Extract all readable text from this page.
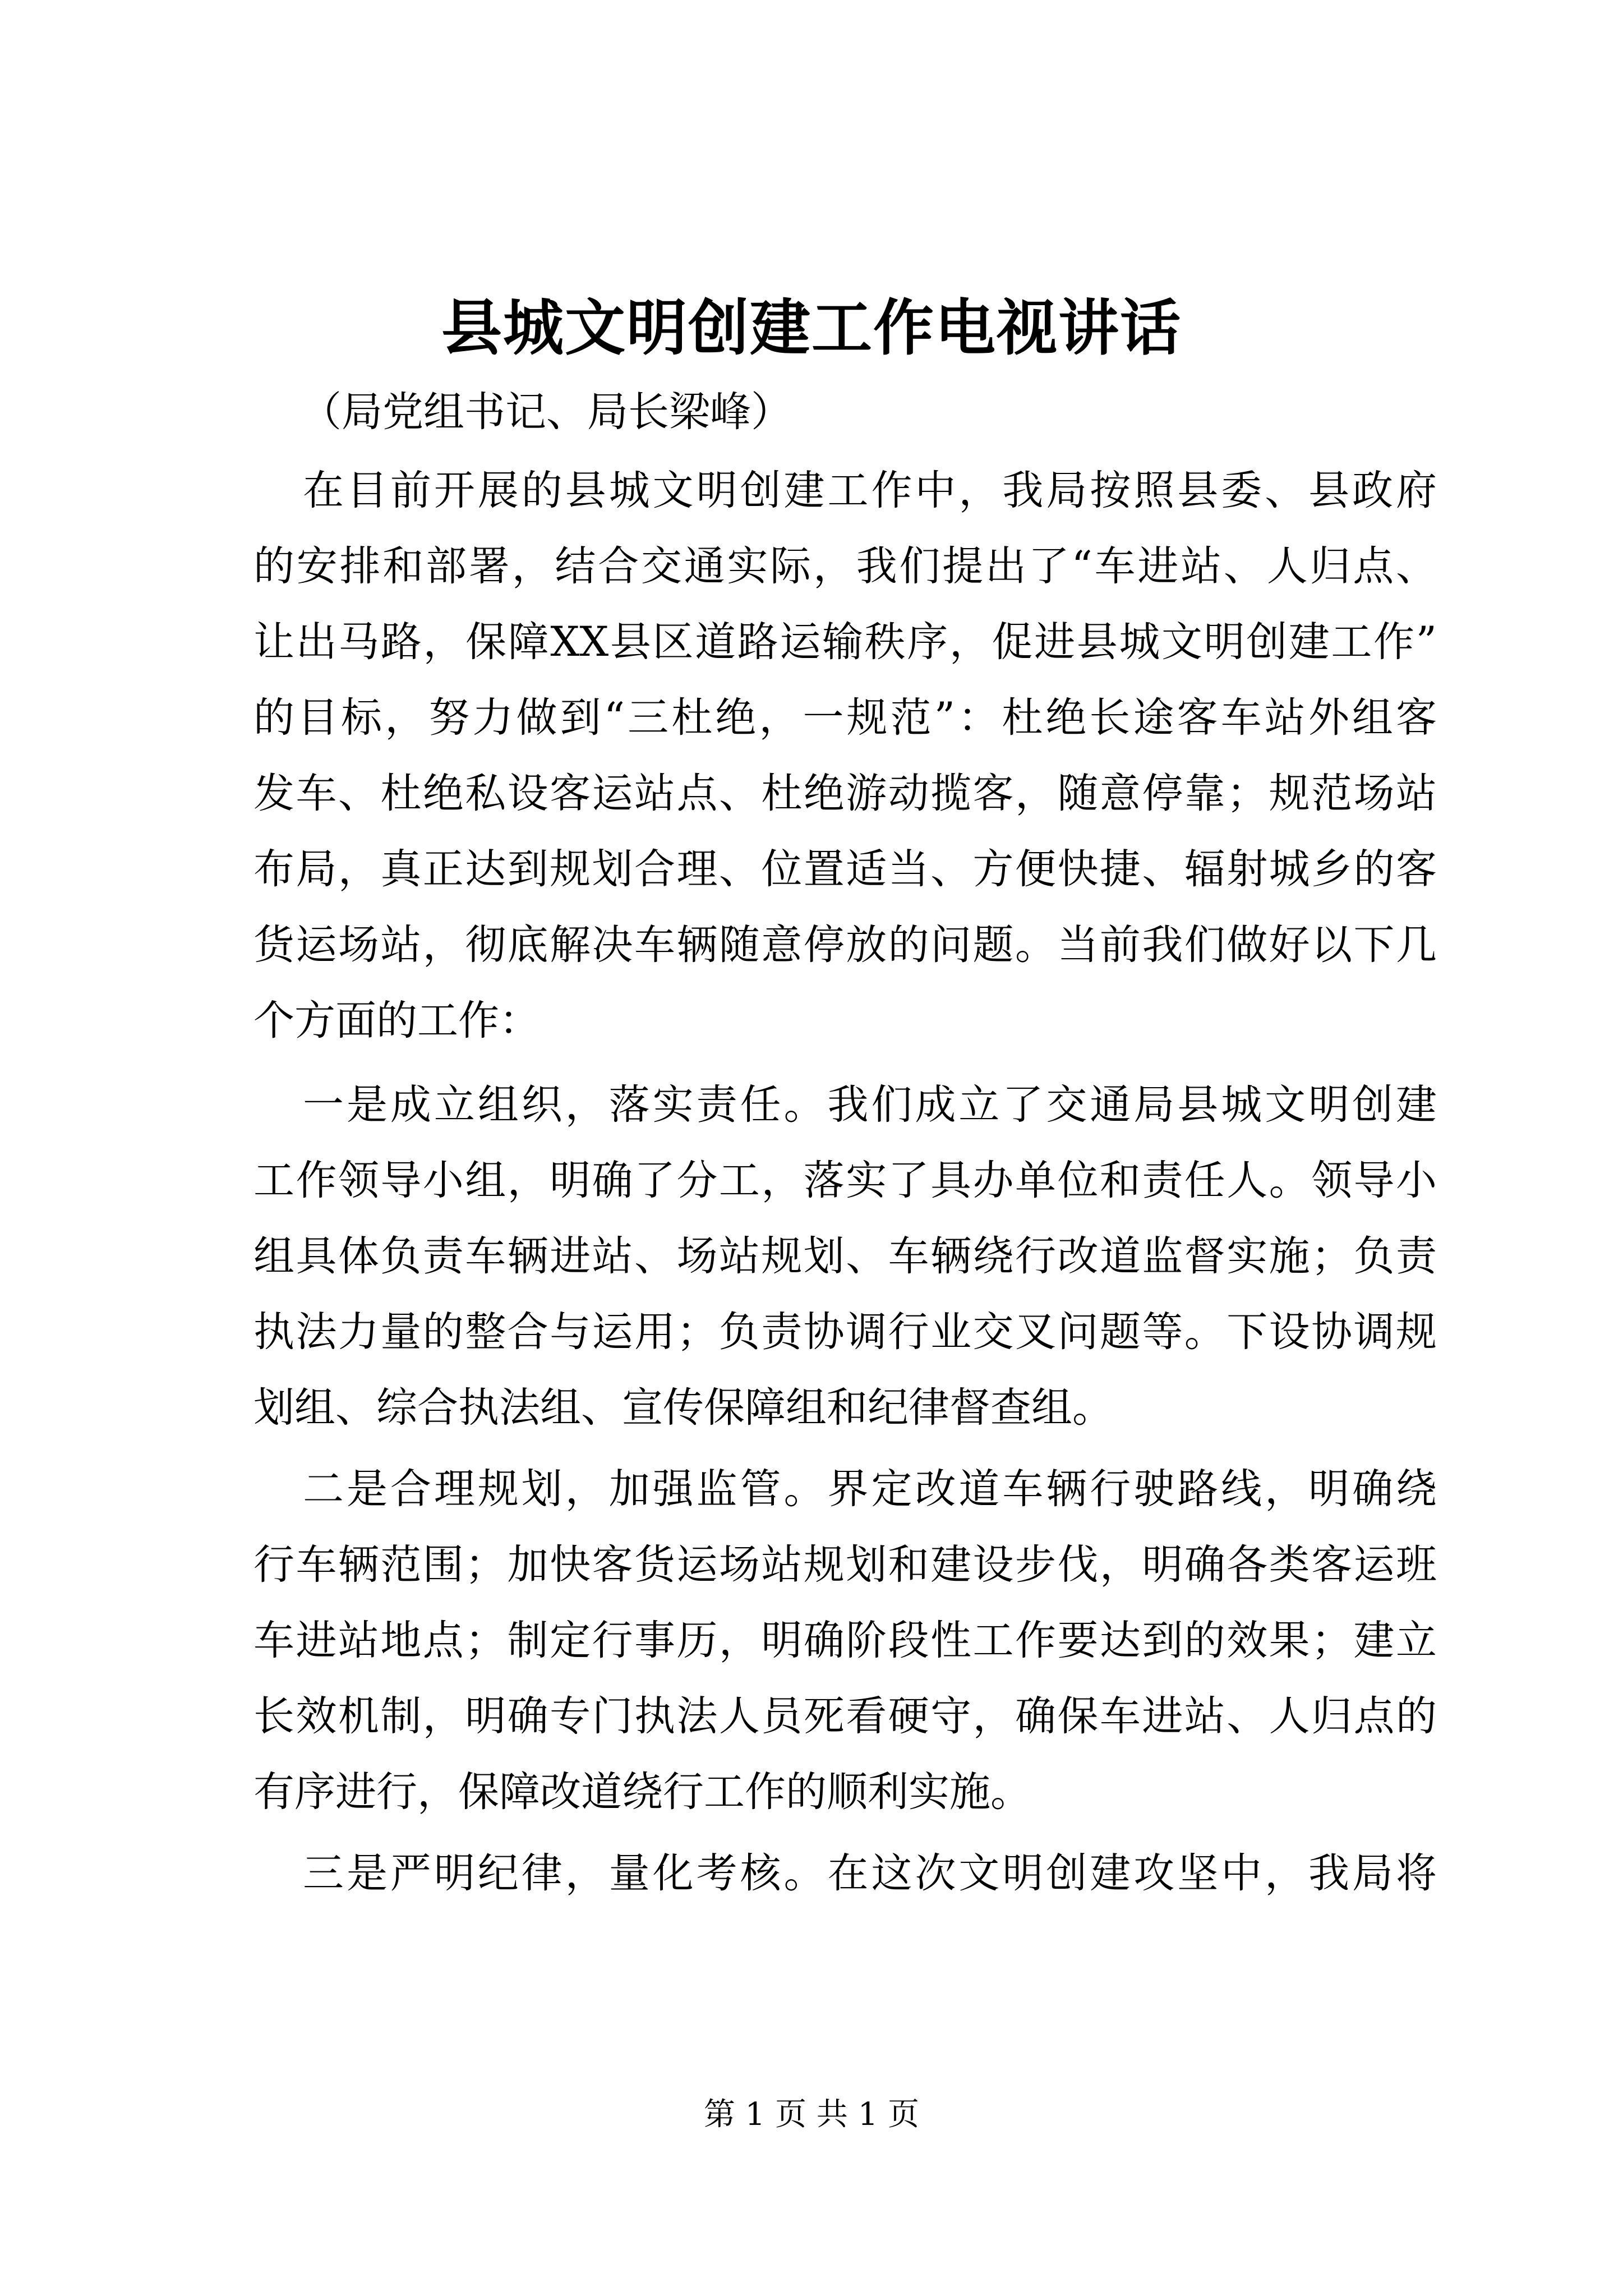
县城文明创建工作电视讲话

（局党组书记、局长梁峰）

在目前开展的县城文明创建工作中，我局按照县委、县政府

的安排和部署，结合交通实际，我们提出了“车进站、人归点、

让出马路，保障XX县区道路运输秩序，促进县城文明创建工作”

的目标，努力做到“三杜绝，一规范”：杜绝长途客车站外组客

发车、杜绝私设客运站点、杜绝游动揽客，随意停靠；规范场站

布局，真正达到规划合理、位置适当、方便快捷、辐射城乡的客

货运场站，彻底解决车辆随意停放的问题。当前我们做好以下几

个方面的工作：

一是成立组织，落实责任。我们成立了交通局县城文明创建

工作领导小组，明确了分工，落实了具办单位和责任人。领导小

组具体负责车辆进站、场站规划、车辆绕行改道监督实施；负责

执法力量的整合与运用；负责协调行业交叉问题等。下设协调规

划组、综合执法组、宣传保障组和纪律督查组。

二是合理规划，加强监管。界定改道车辆行驶路线，明确绕

行车辆范围；加快客货运场站规划和建设步伐，明确各类客运班

车进站地点；制定行事历，明确阶段性工作要达到的效果；建立

长效机制，明确专门执法人员死看硬守，确保车进站、人归点的

有序进行，保障改道绕行工作的顺利实施。

三是严明纪律，量化考核。在这次文明创建攻坚中，我局将

第 1 页 共 1 页
